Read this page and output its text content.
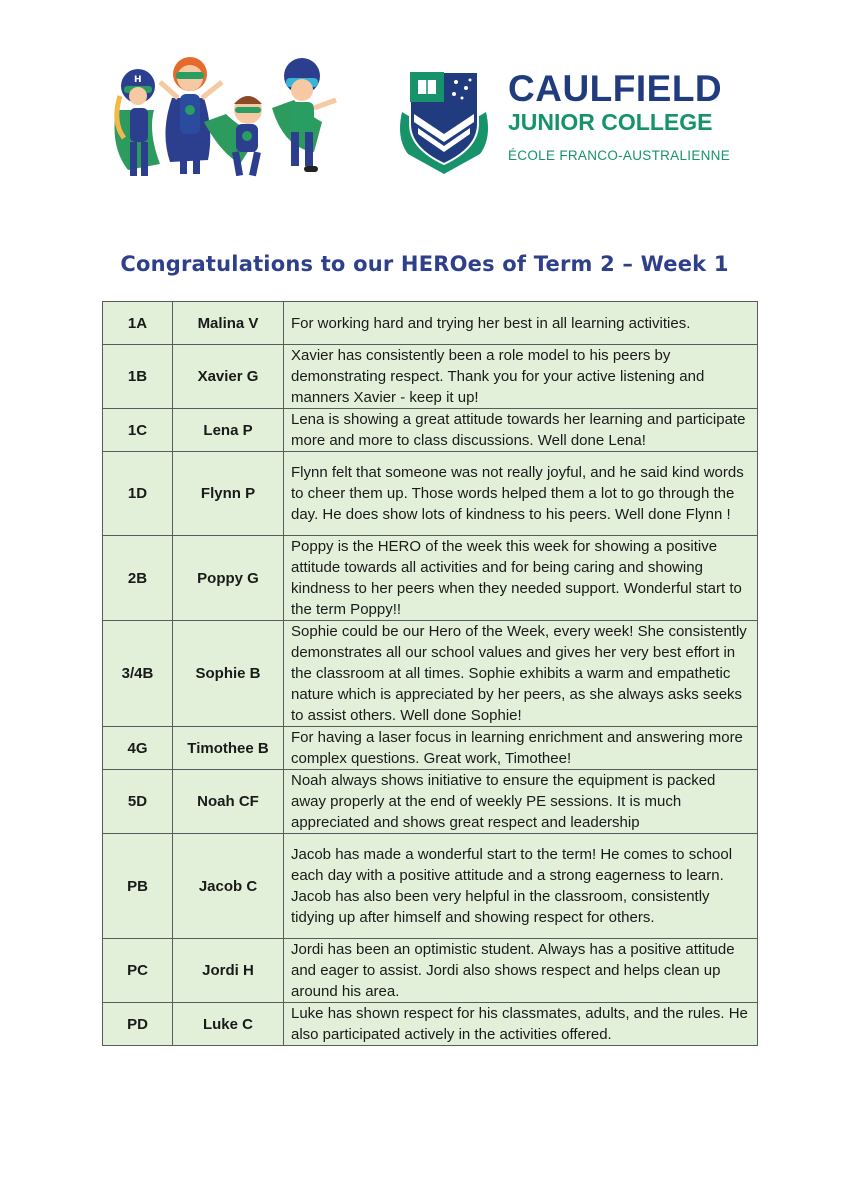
H	CAULFIELD
JUNIOR COLLEGE
ÉCOLE FRANCO-AUSTRALIENNE
Congratulations to our HEROes of Term 2 – Week 1
1A	Malina V	For working hard and trying her best in all learning activities.
1B	Xavier G	Xavier has consistently been a role model to his peers by demonstrating respect. Thank you for your active listening and manners Xavier - keep it up!
1C	Lena P	Lena is showing a great attitude towards her learning and participate more and more to class discussions. Well done Lena!
1D	Flynn P	Flynn felt that someone was not really joyful, and he said kind words to cheer them up. Those words helped them a lot to go through the day. He does show lots of kindness to his peers. Well done Flynn !
2B	Poppy G	Poppy is the HERO of the week this week for showing a positive attitude towards all activities and for being caring and showing kindness to her peers when they needed support. Wonderful start to the term Poppy!!
3/4B	Sophie B	Sophie could be our Hero of the Week, every week! She consistently demonstrates all our school values and gives her very best effort in the classroom at all times. Sophie exhibits a warm and empathetic nature which is appreciated by her peers, as she always asks seeks to assist others. Well done Sophie!
4G	Timothee B	For having a laser focus in learning enrichment and answering more complex questions. Great work, Timothee!
5D	Noah CF	Noah always shows initiative to ensure the equipment is packed away properly at the end of weekly PE sessions. It is much appreciated and shows great respect and leadership
PB	Jacob C	Jacob has made a wonderful start to the term! He comes to school each day with a positive attitude and a strong eagerness to learn. Jacob has also been very helpful in the classroom, consistently tidying up after himself and showing respect for others.
PC	Jordi H	Jordi has been an optimistic student. Always has a positive attitude and eager to assist. Jordi also shows respect and helps clean up around his area.
PD	Luke C	Luke has shown respect for his classmates, adults, and the rules. He also participated actively in the activities offered.
